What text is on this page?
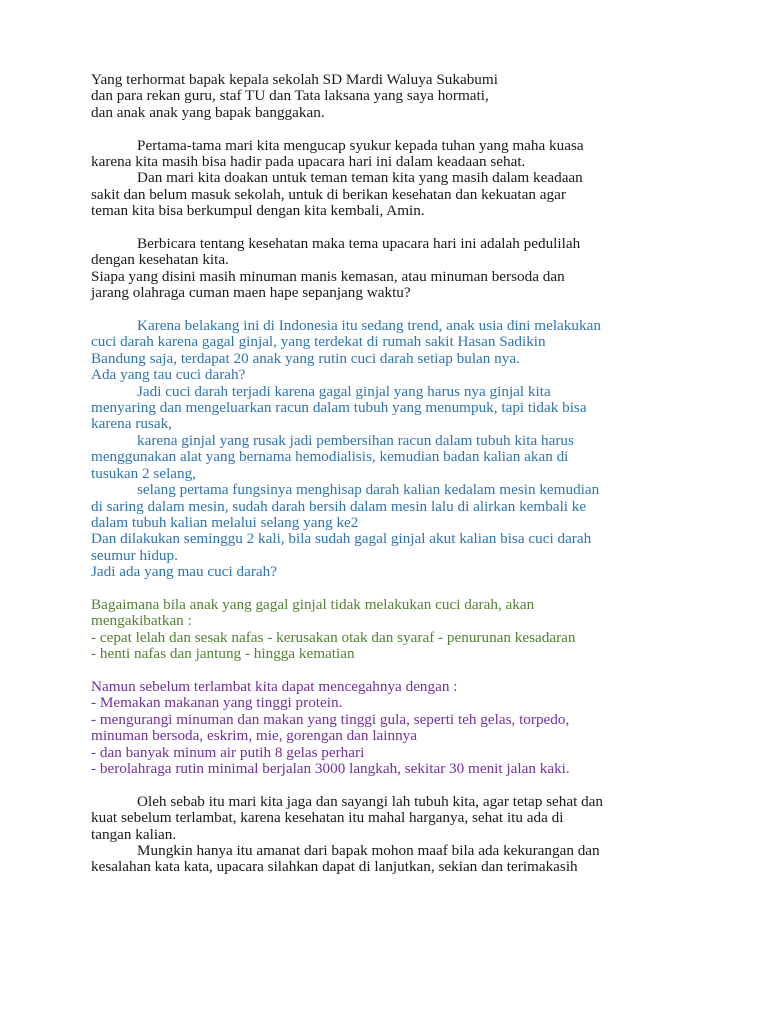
Yang terhormat bapak kepala sekolah SD Mardi Waluya Sukabumi
dan para rekan guru, staf TU dan Tata laksana yang saya hormati,
dan anak anak yang bapak banggakan.

Pertama-tama mari kita mengucap syukur kepada tuhan yang maha kuasa
karena kita masih bisa hadir pada upacara hari ini dalam keadaan sehat.

Dan mari kita doakan untuk teman teman kita yang masih dalam keadaan
sakit dan belum masuk sekolah, untuk di berikan kesehatan dan kekuatan agar
teman kita bisa berkumpul dengan kita kembali, Amin.

Berbicara tentang kesehatan maka tema upacara hari ini adalah pedulilah
dengan kesehatan kita.

Siapa yang disini masih minuman manis kemasan, atau minuman bersoda dan
jarang olahraga cuman maen hape sepanjang waktu?

Karena belakang ini di Indonesia itu sedang trend, anak usia dini melakukan
cuci darah karena gagal ginjal, yang terdekat di rumah sakit Hasan Sadikin
Bandung saja, terdapat 20 anak yang rutin cuci darah setiap bulan nya.

Ada yang tau cuci darah?

Jadi cuci darah terjadi karena gagal ginjal yang harus nya ginjal kita
menyaring dan mengeluarkan racun dalam tubuh yang menumpuk, tapi tidak bisa
karena rusak,

karena ginjal yang rusak jadi pembersihan racun dalam tubuh kita harus
menggunakan alat yang bernama hemodialisis, kemudian badan kalian akan di
tusukan 2 selang,

selang pertama fungsinya menghisap darah kalian kedalam mesin kemudian
di saring dalam mesin, sudah darah bersih dalam mesin lalu di alirkan kembali ke
dalam tubuh kalian melalui selang yang ke2

Dan dilakukan seminggu 2 kali, bila sudah gagal ginjal akut kalian bisa cuci darah
seumur hidup.

Jadi ada yang mau cuci darah?

Bagaimana bila anak yang gagal ginjal tidak melakukan cuci darah, akan
mengakibatkan :
- cepat lelah dan sesak nafas - kerusakan otak dan syaraf - penurunan kesadaran
- henti nafas dan jantung - hingga kematian

Namun sebelum terlambat kita dapat mencegahnya dengan :
- Memakan makanan yang tinggi protein.
- mengurangi minuman dan makan yang tinggi gula, seperti teh gelas, torpedo,
minuman bersoda, eskrim, mie, gorengan dan lainnya
- dan banyak minum air putih 8 gelas perhari
- berolahraga rutin minimal berjalan 3000 langkah, sekitar 30 menit jalan kaki.

Oleh sebab itu mari kita jaga dan sayangi lah tubuh kita, agar tetap sehat dan
kuat sebelum terlambat, karena kesehatan itu mahal harganya, sehat itu ada di
tangan kalian.

Mungkin hanya itu amanat dari bapak mohon maaf bila ada kekurangan dan
kesalahan kata kata, upacara silahkan dapat di lanjutkan, sekian dan terimakasih
